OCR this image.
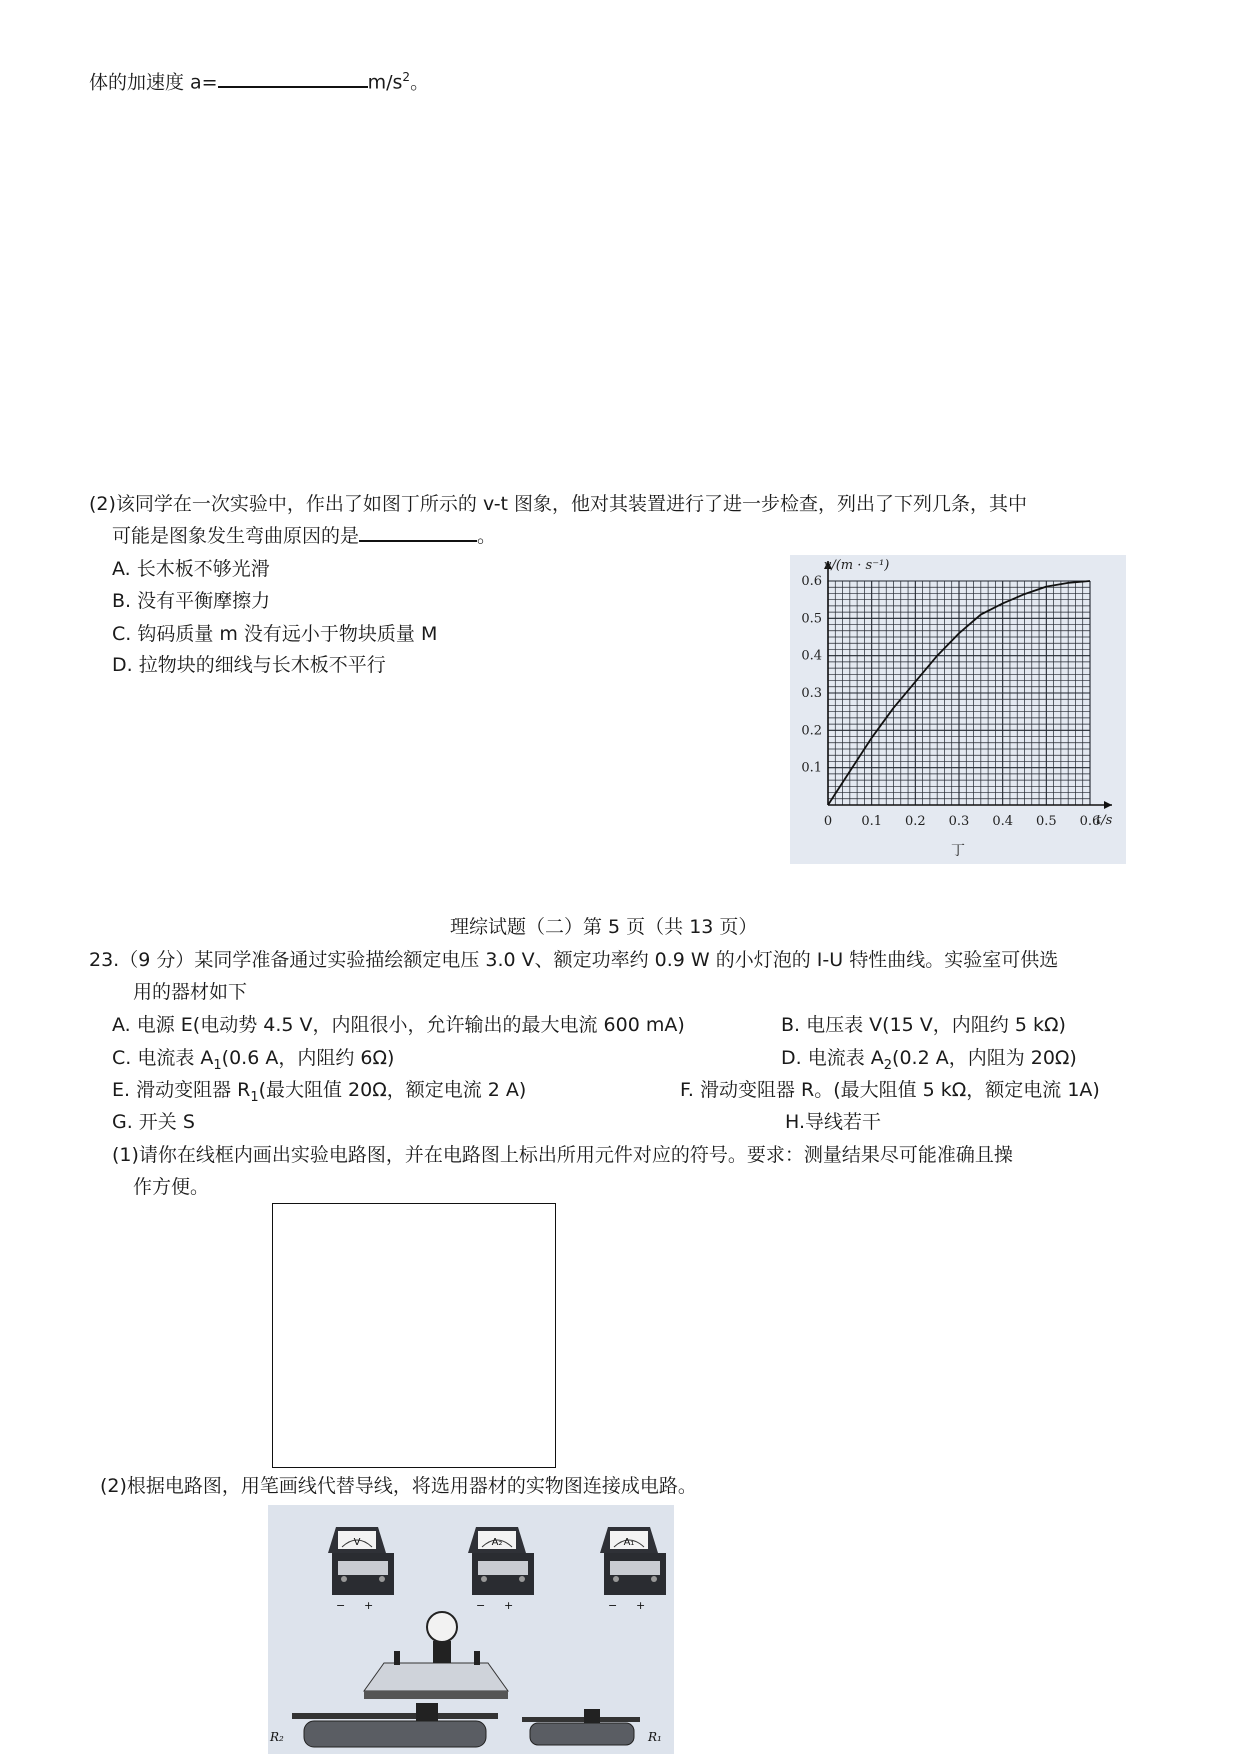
体的加速度 a=	$m/s^2$。
(2)该同学在一次实验中，作出了如图丁所示的 v-t 图象，他对其装置进行了进一步检查，列出了下列几条，其中
可能是图象发生弯曲原因的是	。
A. 长木板不够光滑
B. 没有平衡摩擦力
C. 钩码质量 m 没有远小于物块质量 M
D. 拉物块的细线与长木板不平行
0 0.1 0.2 0.3 0.4 0.5 0.6
0.1
0.2
0.3
0.4
0.5
0.6
v/(m · s⁻¹)
t/s
丁
理综试题（二）第 5 页（共 13 页）
23.（9 分）某同学准备通过实验描绘额定电压 3.0 V、额定功率约 0.9 W 的小灯泡的 I-U 特性曲线。实验室可供选
用的器材如下
A. 电源 E(电动势 4.5 V，内阻很小，允许输出的最大电流 600 mA)	B. 电压表 V(15 V，内阻约 5 kΩ)
C. 电流表 $A_1(0.6$ A，内阻约 6Ω)	D. 电流表 $A_2(0.2$ A，内阻为 20Ω)
E. 滑动变阻器 $R_1$(最大阻值 20Ω，额定电流 2 A)	F. 滑动变阻器 R。(最大阻值 5 kΩ，额定电流 1A)
G. 开关 S	H.导线若干
(1)请你在线框内画出实验电路图，并在电路图上标出所用元件对应的符号。要求：测量结果尽可能准确且操
作方便。
(2)根据电路图，用笔画线代替导线，将选用器材的实物图连接成电路。
V
− +
A₂
− +
A₁
− +
R₂	R₁
